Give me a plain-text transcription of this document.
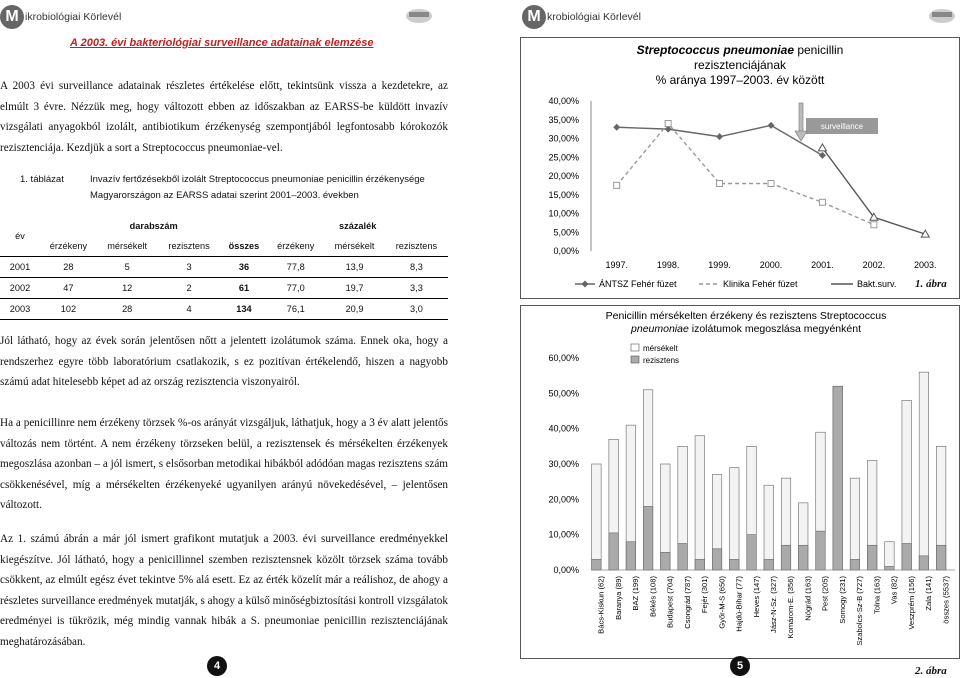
M ikrobiológiai Körlevél
A 2003. évi bakteriológiai surveillance adatainak elemzése

A 2003 évi surveillance adatainak részletes értékelése előtt, tekintsünk vissza a kezdetekre, az elmúlt 3 évre. Nézzük meg, hogy változott ebben az időszakban az EARSS-be küldött invazív vizsgálati anyagokból izolált, antibiotikum érzékenység szempontjából legfontosabb kórokozók rezisztenciája. Kezdjük a sort a Streptococcus pneumoniae-vel.

1. táblázat	Invazív fertőzésekből izolált Streptococcus pneumoniae penicillin érzékenysége
Magyarországon az EARSS adatai szerint 2001–2003. években
év	darabszám				százalék		
	érzékeny	mérsékelt	rezisztens	összes	érzékeny	mérsékelt	rezisztens
2001	28	5	3	36	77,8	13,9	8,3
2002	47	12	2	61	77,0	19,7	3,3
2003	102	28	4	134	76,1	20,9	3,0

Jól látható, hogy az évek során jelentősen nőtt a jelentett izolátumok száma. Ennek oka, hogy a rendszerhez egyre több laboratórium csatlakozik, s ez pozitívan értékelendő, hiszen a nagyobb számú adat hitelesebb képet ad az ország rezisztencia viszonyairól.

Ha a penicillinre nem érzékeny törzsek %-os arányát vizsgáljuk, láthatjuk, hogy a 3 év alatt jelentős változás nem történt. A nem érzékeny törzseken belül, a rezisztensek és mérsékelten érzékenyek megoszlása azonban – a jól ismert, s elsősorban metodikai hibákból adódóan magas rezisztens szám csökkenésével, míg a mérsékelten érzékenyeké ugyanilyen arányú növekedésével, – jelentősen változott.

Az 1. számú ábrán a már jól ismert grafikont mutatjuk a 2003. évi surveillance eredményekkel kiegészítve. Jól látható, hogy a penicillinnel szemben rezisztensnek közölt törzsek száma tovább csökkent, az elmúlt egész évet tekintve 5% alá esett. Ez az érték közelít már a reálishoz, de ahogy a részletes surveillance eredmények mutatják, s ahogy a külső minőségbiztosítási kontroll vizsgálatok eredményei is tükrözik, még mindig vannak hibák a S. pneumoniae penicillin rezisztenciájának meghatározásában.

4
M krobiológiai Körlevél
Streptococcus pneumoniae penicillin
rezisztenciájának
% aránya 1997–2003. év között
0,00%
5,00%
10,00%
15,00%
20,00%
25,00%
30,00%
35,00%
40,00%
1997.	1998.	1999.	2000.	2001.	2002.	2003.
surveillance
ÁNTSZ Fehér füzet	Klinika Fehér füzet	Bakt.surv. 1. ábra
Penicillin mérsékelten érzékeny és rezisztens Streptococcus
pneumoniae izolátumok megoszlása megyénként
0,00%
10,00%
20,00%
30,00%
40,00%
50,00%
60,00%
mérsékelt
rezisztens
Bács-Kiskun (62) Baranya (89) BAZ (199) Békés (108) Budapest (704) Csongrád (787) Fejér (301) Győr-M-S (650) Hajdú-Bihar (77) Heves (147) Jász-N-Sz. (327) Komárom-E. (356) Nógrád (163) Pest (205) Somogy (231) Szabolcs-Sz-B (727) Tolna (163) Vas (82) Veszprém (156) Zala (141) összes (5537)
2. ábra
5
